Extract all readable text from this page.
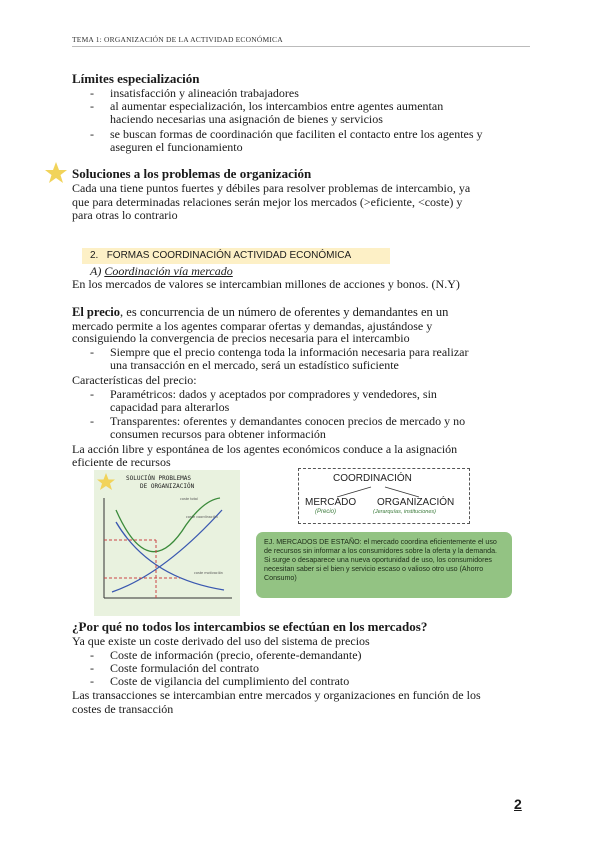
TEMA 1: ORGANIZACIÓN DE LA ACTIVIDAD ECONÓMICA
Límites especialización
- insatisfacción y alineación trabajadores
- al aumentar especialización, los intercambios entre agentes aumentan
haciendo necesarias una asignación de bienes y servicios
- se buscan formas de coordinación que faciliten el contacto entre los agentes y
aseguren el funcionamiento
Soluciones a los problemas de organización
Cada una tiene puntos fuertes y débiles para resolver problemas de intercambio, ya
que para determinadas relaciones serán mejor los mercados (>eficiente, <coste) y
para otras lo contrario
2. FORMAS COORDINACIÓN ACTIVIDAD ECONÓMICA
A) Coordinación vía mercado
En los mercados de valores se intercambian millones de acciones y bonos. (N.Y)
El precio, es concurrencia de un número de oferentes y demandantes en un
mercado permite a los agentes comparar ofertas y demandas, ajustándose y
consiguiendo la convergencia de precios necesaria para el intercambio
- Siempre que el precio contenga toda la información necesaria para realizar
una transacción en el mercado, será un estadístico suficiente
Características del precio:
- Paramétricos: dados y aceptados por compradores y vendedores, sin
capacidad para alterarlos
- Transparentes: oferentes y demandantes conocen precios de mercado y no
consumen recursos para obtener información
La acción libre y espontánea de los agentes económicos conduce a la asignación
eficiente de recursos
SOLUCIÓN PROBLEMAS
DE ORGANIZACIÓN
coste total
coste coordinación
coste motivación
COORDINACIÓN
MERCADO
(Precio)
ORGANIZACIÓN
(Jerarquías, instituciones)
EJ. MERCADOS DE ESTAÑO: el mercado coordina eficientemente el uso de recursos sin informar a los consumidores sobre la oferta y la demanda. Si surge o desaparece una nueva oportunidad de uso, los consumidores necesitan saber si el bien y servicio escaso o valioso otro uso (Ahorro Consumo)
¿Por qué no todos los intercambios se efectúan en los mercados?
Ya que existe un coste derivado del uso del sistema de precios
- Coste de información (precio, oferente-demandante)
- Coste formulación del contrato
- Coste de vigilancia del cumplimiento del contrato
Las transacciones se intercambian entre mercados y organizaciones en función de los
costes de transacción
2
